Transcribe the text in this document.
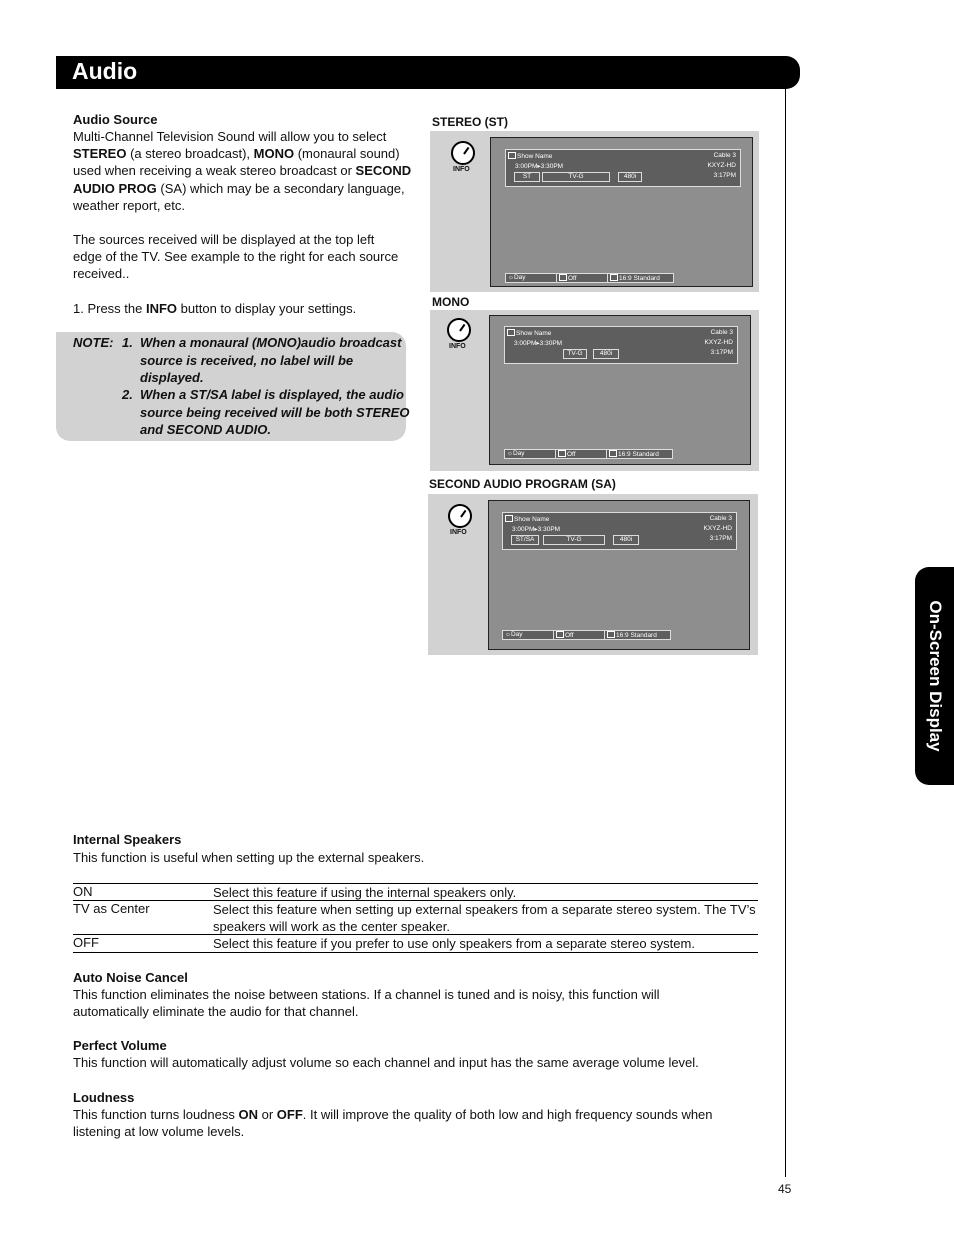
Audio
On-Screen Display
45
Audio Source
Multi-Channel Television Sound will allow you to select STEREO (a stereo broadcast), MONO (monaural sound) used when receiving a weak stereo broadcast or SECOND AUDIO PROG (SA) which may be a secondary language, weather report, etc.
The sources received will be displayed at the top left edge of the TV. See example to the right for each source received..
1. Press the INFO button to display your settings.
NOTE: 1. When a monaural (MONO)audio broadcast source is received, no label will be displayed.
2. When a ST/SA label is displayed, the audio source being received will be both STEREO and SECOND AUDIO.
STEREO (ST)
INFO
Show Name	Cable 3
3:00PM▸3:30PM	KXYZ-HD
ST	TV-G	480i	3:17PM
☼Day	Off	16:9 Standard
MONO
INFO
Show Name	Cable 3
3:00PM▸3:30PM	KXYZ-HD
TV-G	480i	3:17PM
☼Day	Off	16:9 Standard
SECOND AUDIO PROGRAM (SA)
INFO
Show Name	Cable 3
3:00PM▸3:30PM	KXYZ-HD
ST/SA	TV-G	480i	3:17PM
☼Day	Off	16:9 Standard
Internal Speakers
This function is useful when setting up the external speakers.
ON	Select this feature if using the internal speakers only.
TV as Center	Select this feature when setting up external speakers from a separate stereo system. The TV’s speakers will work as the center speaker.
OFF	Select this feature if you prefer to use only speakers from a separate stereo system.
Auto Noise Cancel
This function eliminates the noise between stations. If a channel is tuned and is noisy, this function will automatically eliminate the audio for that channel.
Perfect Volume
This function will automatically adjust volume so each channel and input has the same average volume level.
Loudness
This function turns loudness ON or OFF. It will improve the quality of both low and high frequency sounds when listening at low volume levels.
